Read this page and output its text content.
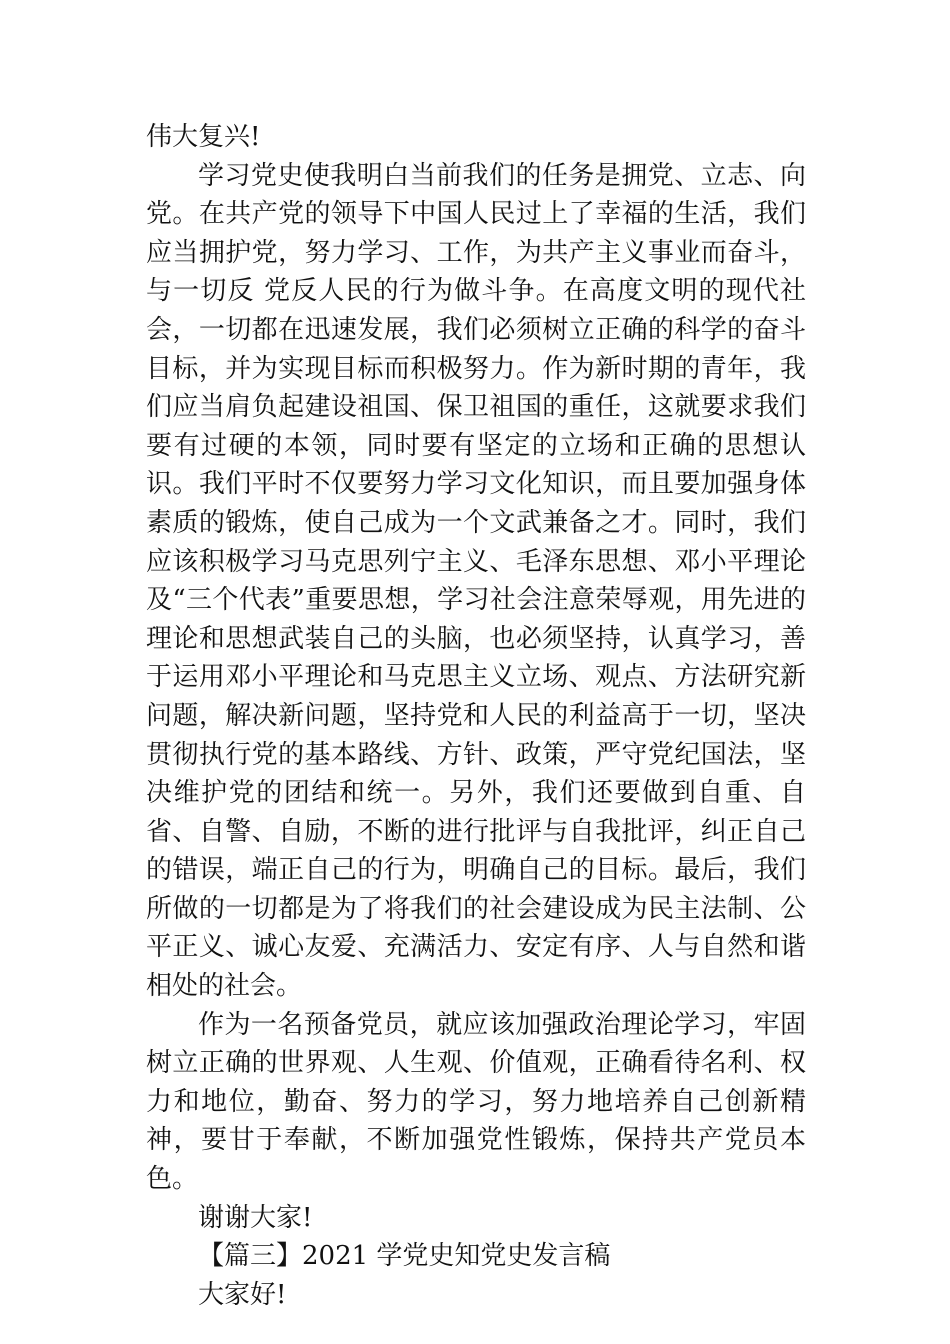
伟大复兴!

学习党史使我明白当前我们的任务是拥党、立志、向党。在共产党的领导下中国人民过上了幸福的生活，我们应当拥护党，努力学习、工作，为共产主义事业而奋斗，与一切反 党反人民的行为做斗争。在高度文明的现代社会，一切都在迅速发展，我们必须树立正确的科学的奋斗目标，并为实现目标而积极努力。作为新时期的青年，我们应当肩负起建设祖国、保卫祖国的重任，这就要求我们要有过硬的本领，同时要有坚定的立场和正确的思想认识。我们平时不仅要努力学习文化知识，而且要加强身体素质的锻炼，使自己成为一个文武兼备之才。同时，我们应该积极学习马克思列宁主义、毛泽东思想、邓小平理论及“三个代表”重要思想，学习社会注意荣辱观，用先进的理论和思想武装自己的头脑，也必须坚持，认真学习，善于运用邓小平理论和马克思主义立场、观点、方法研究新问题，解决新问题，坚持党和人民的利益高于一切，坚决贯彻执行党的基本路线、方针、政策，严守党纪国法，坚决维护党的团结和统一。另外，我们还要做到自重、自省、自警、自励，不断的进行批评与自我批评，纠正自己的错误，端正自己的行为，明确自己的目标。最后，我们所做的一切都是为了将我们的社会建设成为民主法制、公平正义、诚心友爱、充满活力、安定有序、人与自然和谐相处的社会。

作为一名预备党员，就应该加强政治理论学习，牢固树立正确的世界观、人生观、价值观，正确看待名利、权力和地位，勤奋、努力的学习，努力地培养自己创新精神，要甘于奉献，不断加强党性锻炼，保持共产党员本色。

谢谢大家!

【篇三】2021 学党史知党史发言稿

大家好!
